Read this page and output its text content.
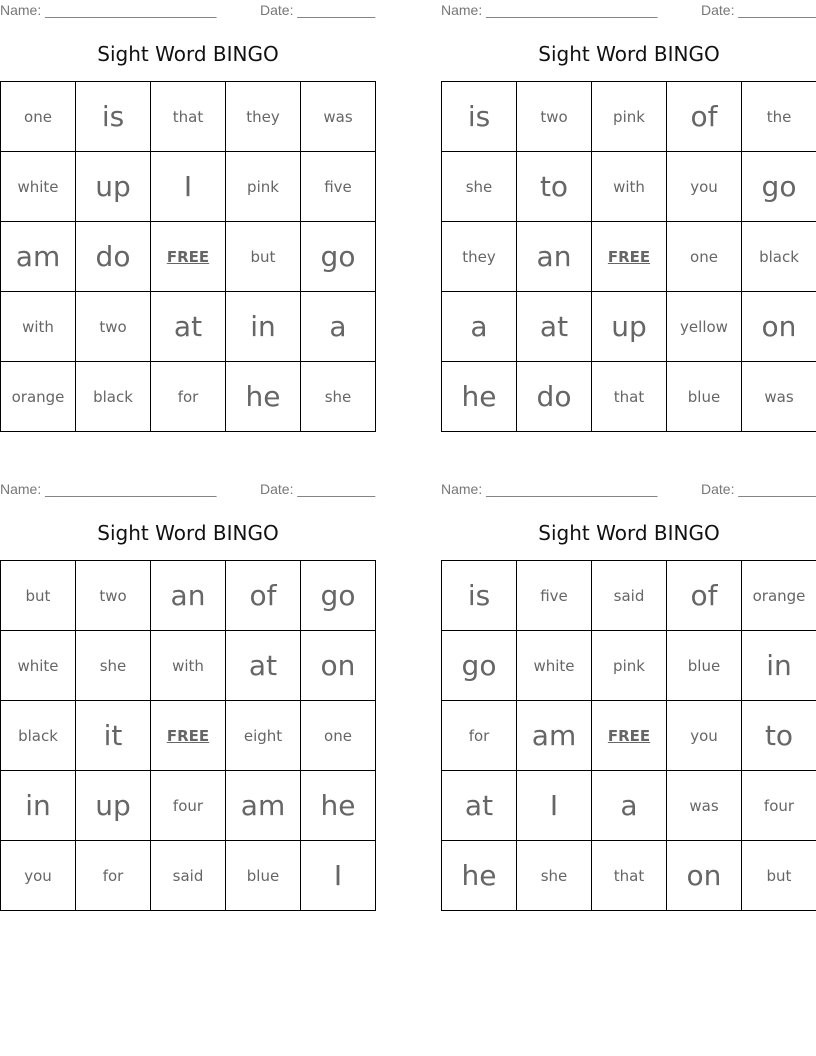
Name: ______________________	Date: __________
Sight Word BINGO
one	is	that	they	was
white	up	I	pink	five
am	do	FREE	but	go
with	two	at	in	a
orange	black	for	he	she
Name: ______________________	Date: __________
Sight Word BINGO
is	two	pink	of	the
she	to	with	you	go
they	an	FREE	one	black
a	at	up	yellow	on
he	do	that	blue	was
Name: ______________________	Date: __________
Sight Word BINGO
but	two	an	of	go
white	she	with	at	on
black	it	FREE	eight	one
in	up	four	am	he
you	for	said	blue	I
Name: ______________________	Date: __________
Sight Word BINGO
is	five	said	of	orange
go	white	pink	blue	in
for	am	FREE	you	to
at	I	a	was	four
he	she	that	on	but
